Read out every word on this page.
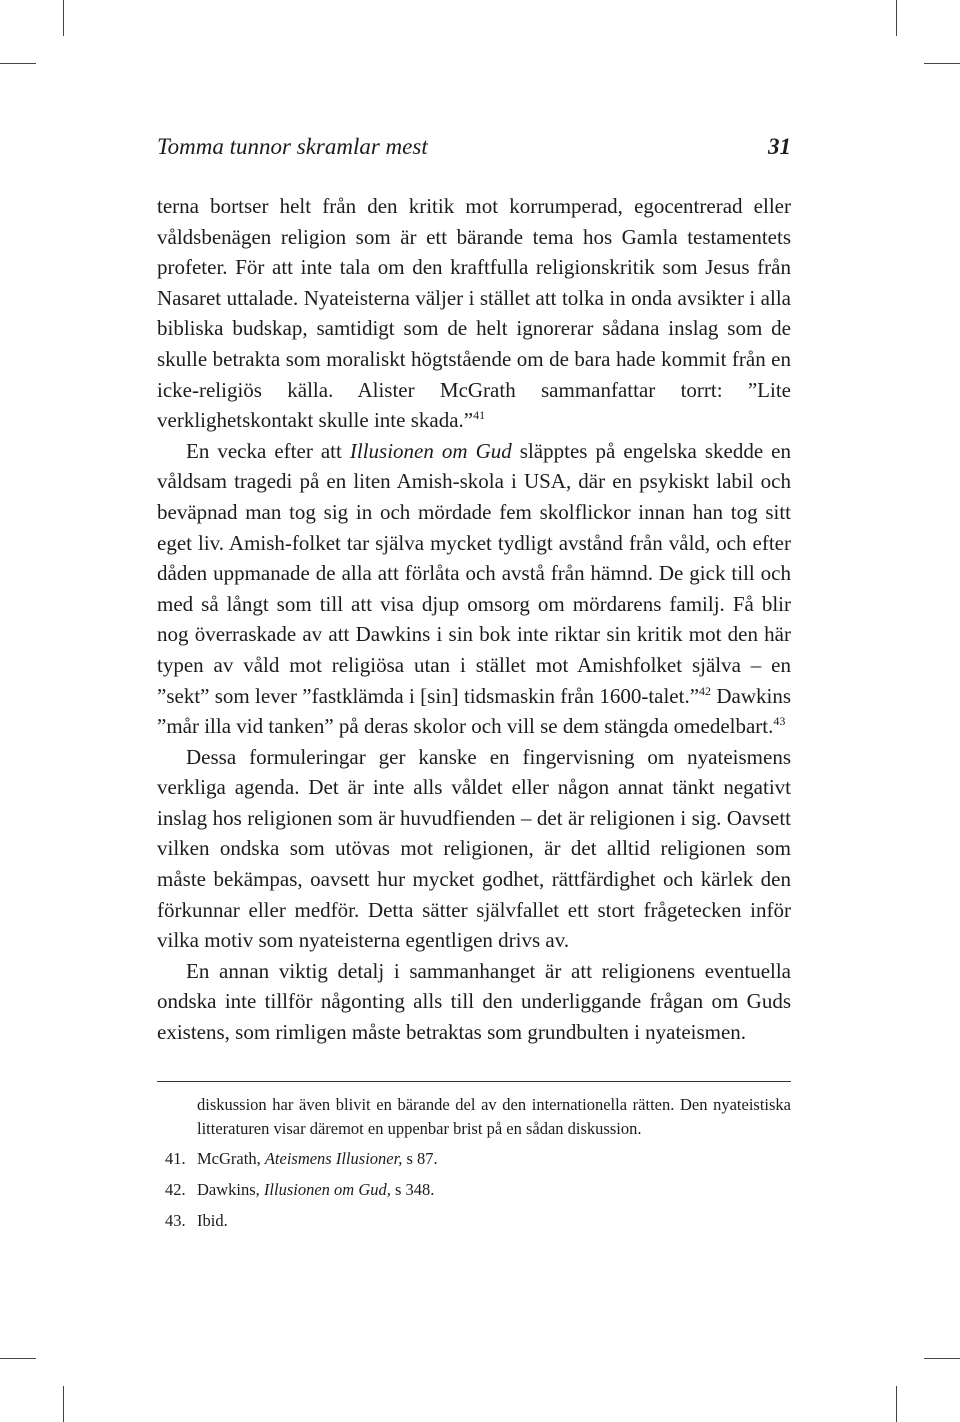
Tomma tunnor skramlar mest	31

terna bortser helt från den kritik mot korrumperad, egocentrerad eller våldsbenägen religion som är ett bärande tema hos Gamla testamentets profeter. För att inte tala om den kraftfulla religionskritik som Jesus från Nasaret uttalade. Nyateisterna väljer i stället att tolka in onda avsikter i alla bibliska budskap, samtidigt som de helt ignorerar sådana inslag som de skulle betrakta som moraliskt högtstående om de bara hade kommit från en icke-religiös källa. Alister McGrath sammanfattar torrt: ”Lite verklighetskontakt skulle inte skada.”$^{41}$

En vecka efter att Illusionen om Gud släpptes på engelska skedde en våldsam tragedi på en liten Amish-skola i USA, där en psykiskt labil och beväpnad man tog sig in och mördade fem skolflickor innan han tog sitt eget liv. Amish-folket tar själva mycket tydligt avstånd från våld, och efter dåden uppmanade de alla att förlåta och avstå från hämnd. De gick till och med så långt som till att visa djup omsorg om mördarens familj. Få blir nog överraskade av att Dawkins i sin bok inte riktar sin kritik mot den här typen av våld mot religiösa utan i stället mot Amishfolket själva – en ”sekt” som lever ”fastklämda i [sin] tidsmaskin från 1600-talet.”$^{42}$ Dawkins ”mår illa vid tanken” på deras skolor och vill se dem stängda omedelbart.$^{43}$

Dessa formuleringar ger kanske en fingervisning om nyateismens verkliga agenda. Det är inte alls våldet eller någon annat tänkt negativt inslag hos religionen som är huvudfienden – det är religionen i sig. Oavsett vilken ondska som utövas mot religionen, är det alltid religionen som måste bekämpas, oavsett hur mycket godhet, rättfärdighet och kärlek den förkunnar eller medför. Detta sätter självfallet ett stort frågetecken inför vilka motiv som nyateisterna egentligen drivs av.

En annan viktig detalj i sammanhanget är att religionens eventuella ondska inte tillför någonting alls till den underliggande frågan om Guds existens, som rimligen måste betraktas som grundbulten i nyateismen.

diskussion har även blivit en bärande del av den internationella rätten. Den nyateistiska litteraturen visar däremot en uppenbar brist på en sådan diskussion.

41. McGrath, Ateismens Illusioner, s 87.
42. Dawkins, Illusionen om Gud, s 348.
43. Ibid.
